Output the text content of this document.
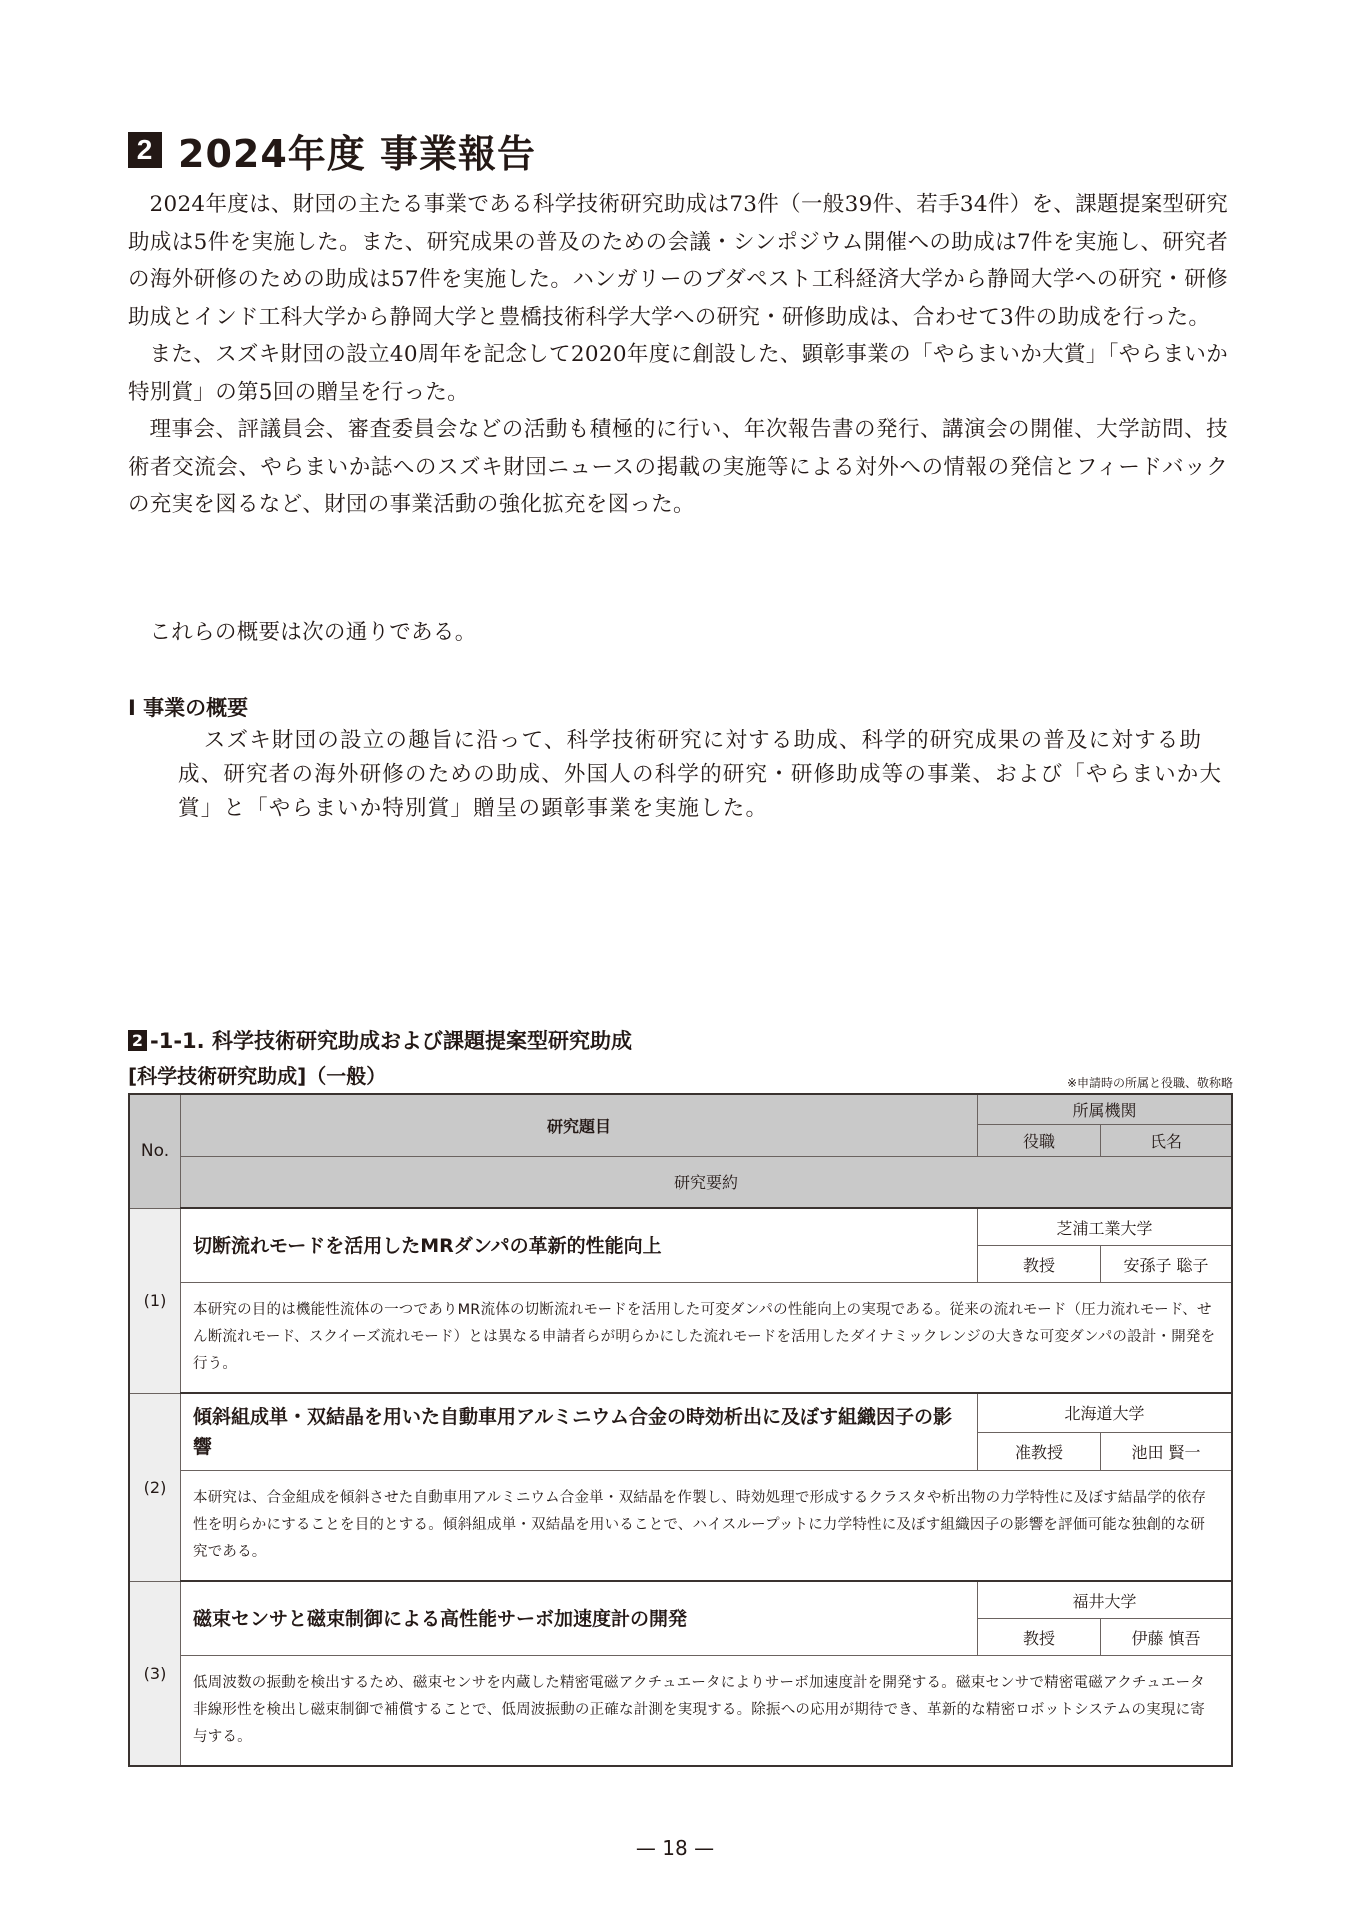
2 2024年度 事業報告

2024年度は、財団の主たる事業である科学技術研究助成は73件（一般39件、若手34件）を、課題提案型研究助成は5件を実施した。また、研究成果の普及のための会議・シンポジウム開催への助成は7件を実施し、研究者の海外研修のための助成は57件を実施した。ハンガリーのブダペスト工科経済大学から静岡大学への研究・研修助成とインド工科大学から静岡大学と豊橋技術科学大学への研究・研修助成は、合わせて3件の助成を行った。

また、スズキ財団の設立40周年を記念して2020年度に創設した、顕彰事業の「やらまいか大賞」「やらまいか特別賞」の第5回の贈呈を行った。

理事会、評議員会、審査委員会などの活動も積極的に行い、年次報告書の発行、講演会の開催、大学訪問、技術者交流会、やらまいか誌へのスズキ財団ニュースの掲載の実施等による対外への情報の発信とフィードバックの充実を図るなど、財団の事業活動の強化拡充を図った。

これらの概要は次の通りである。

Ⅰ 事業の概要
スズキ財団の設立の趣旨に沿って、科学技術研究に対する助成、科学的研究成果の普及に対する助成、研究者の海外研修のための助成、外国人の科学的研究・研修助成等の事業、および「やらまいか大賞」と「やらまいか特別賞」贈呈の顕彰事業を実施した。
2 -1-1. 科学技術研究助成および課題提案型研究助成
[科学技術研究助成]（一般）	※申請時の所属と役職、敬称略
No.	研究題目	所属機関	
		役職	氏名
	研究要約		
(1)	切断流れモードを活用したMRダンパの革新的性能向上	芝浦工業大学	
		教授	安孫子 聡子
	本研究の目的は機能性流体の一つでありMR流体の切断流れモードを活用した可変ダンパの性能向上の実現である。従来の流れモード（圧力流れモード、せん断流れモード、スクイーズ流れモード）とは異なる申請者らが明らかにした流れモードを活用したダイナミックレンジの大きな可変ダンパの設計・開発を行う。		
(2)	傾斜組成単・双結晶を用いた自動車用アルミニウム合金の時効析出に及ぼす組織因子の影響	北海道大学	
		准教授	池田 賢一
	本研究は、合金組成を傾斜させた自動車用アルミニウム合金単・双結晶を作製し、時効処理で形成するクラスタや析出物の力学特性に及ぼす結晶学的依存性を明らかにすることを目的とする。傾斜組成単・双結晶を用いることで、ハイスループットに力学特性に及ぼす組織因子の影響を評価可能な独創的な研究である。		
(3)	磁束センサと磁束制御による高性能サーボ加速度計の開発	福井大学	
		教授	伊藤 慎吾
	低周波数の振動を検出するため、磁束センサを内蔵した精密電磁アクチュエータによりサーボ加速度計を開発する。磁束センサで精密電磁アクチュエータ非線形性を検出し磁束制御で補償することで、低周波振動の正確な計測を実現する。除振への応用が期待でき、革新的な精密ロボットシステムの実現に寄与する。		
— 18 —
